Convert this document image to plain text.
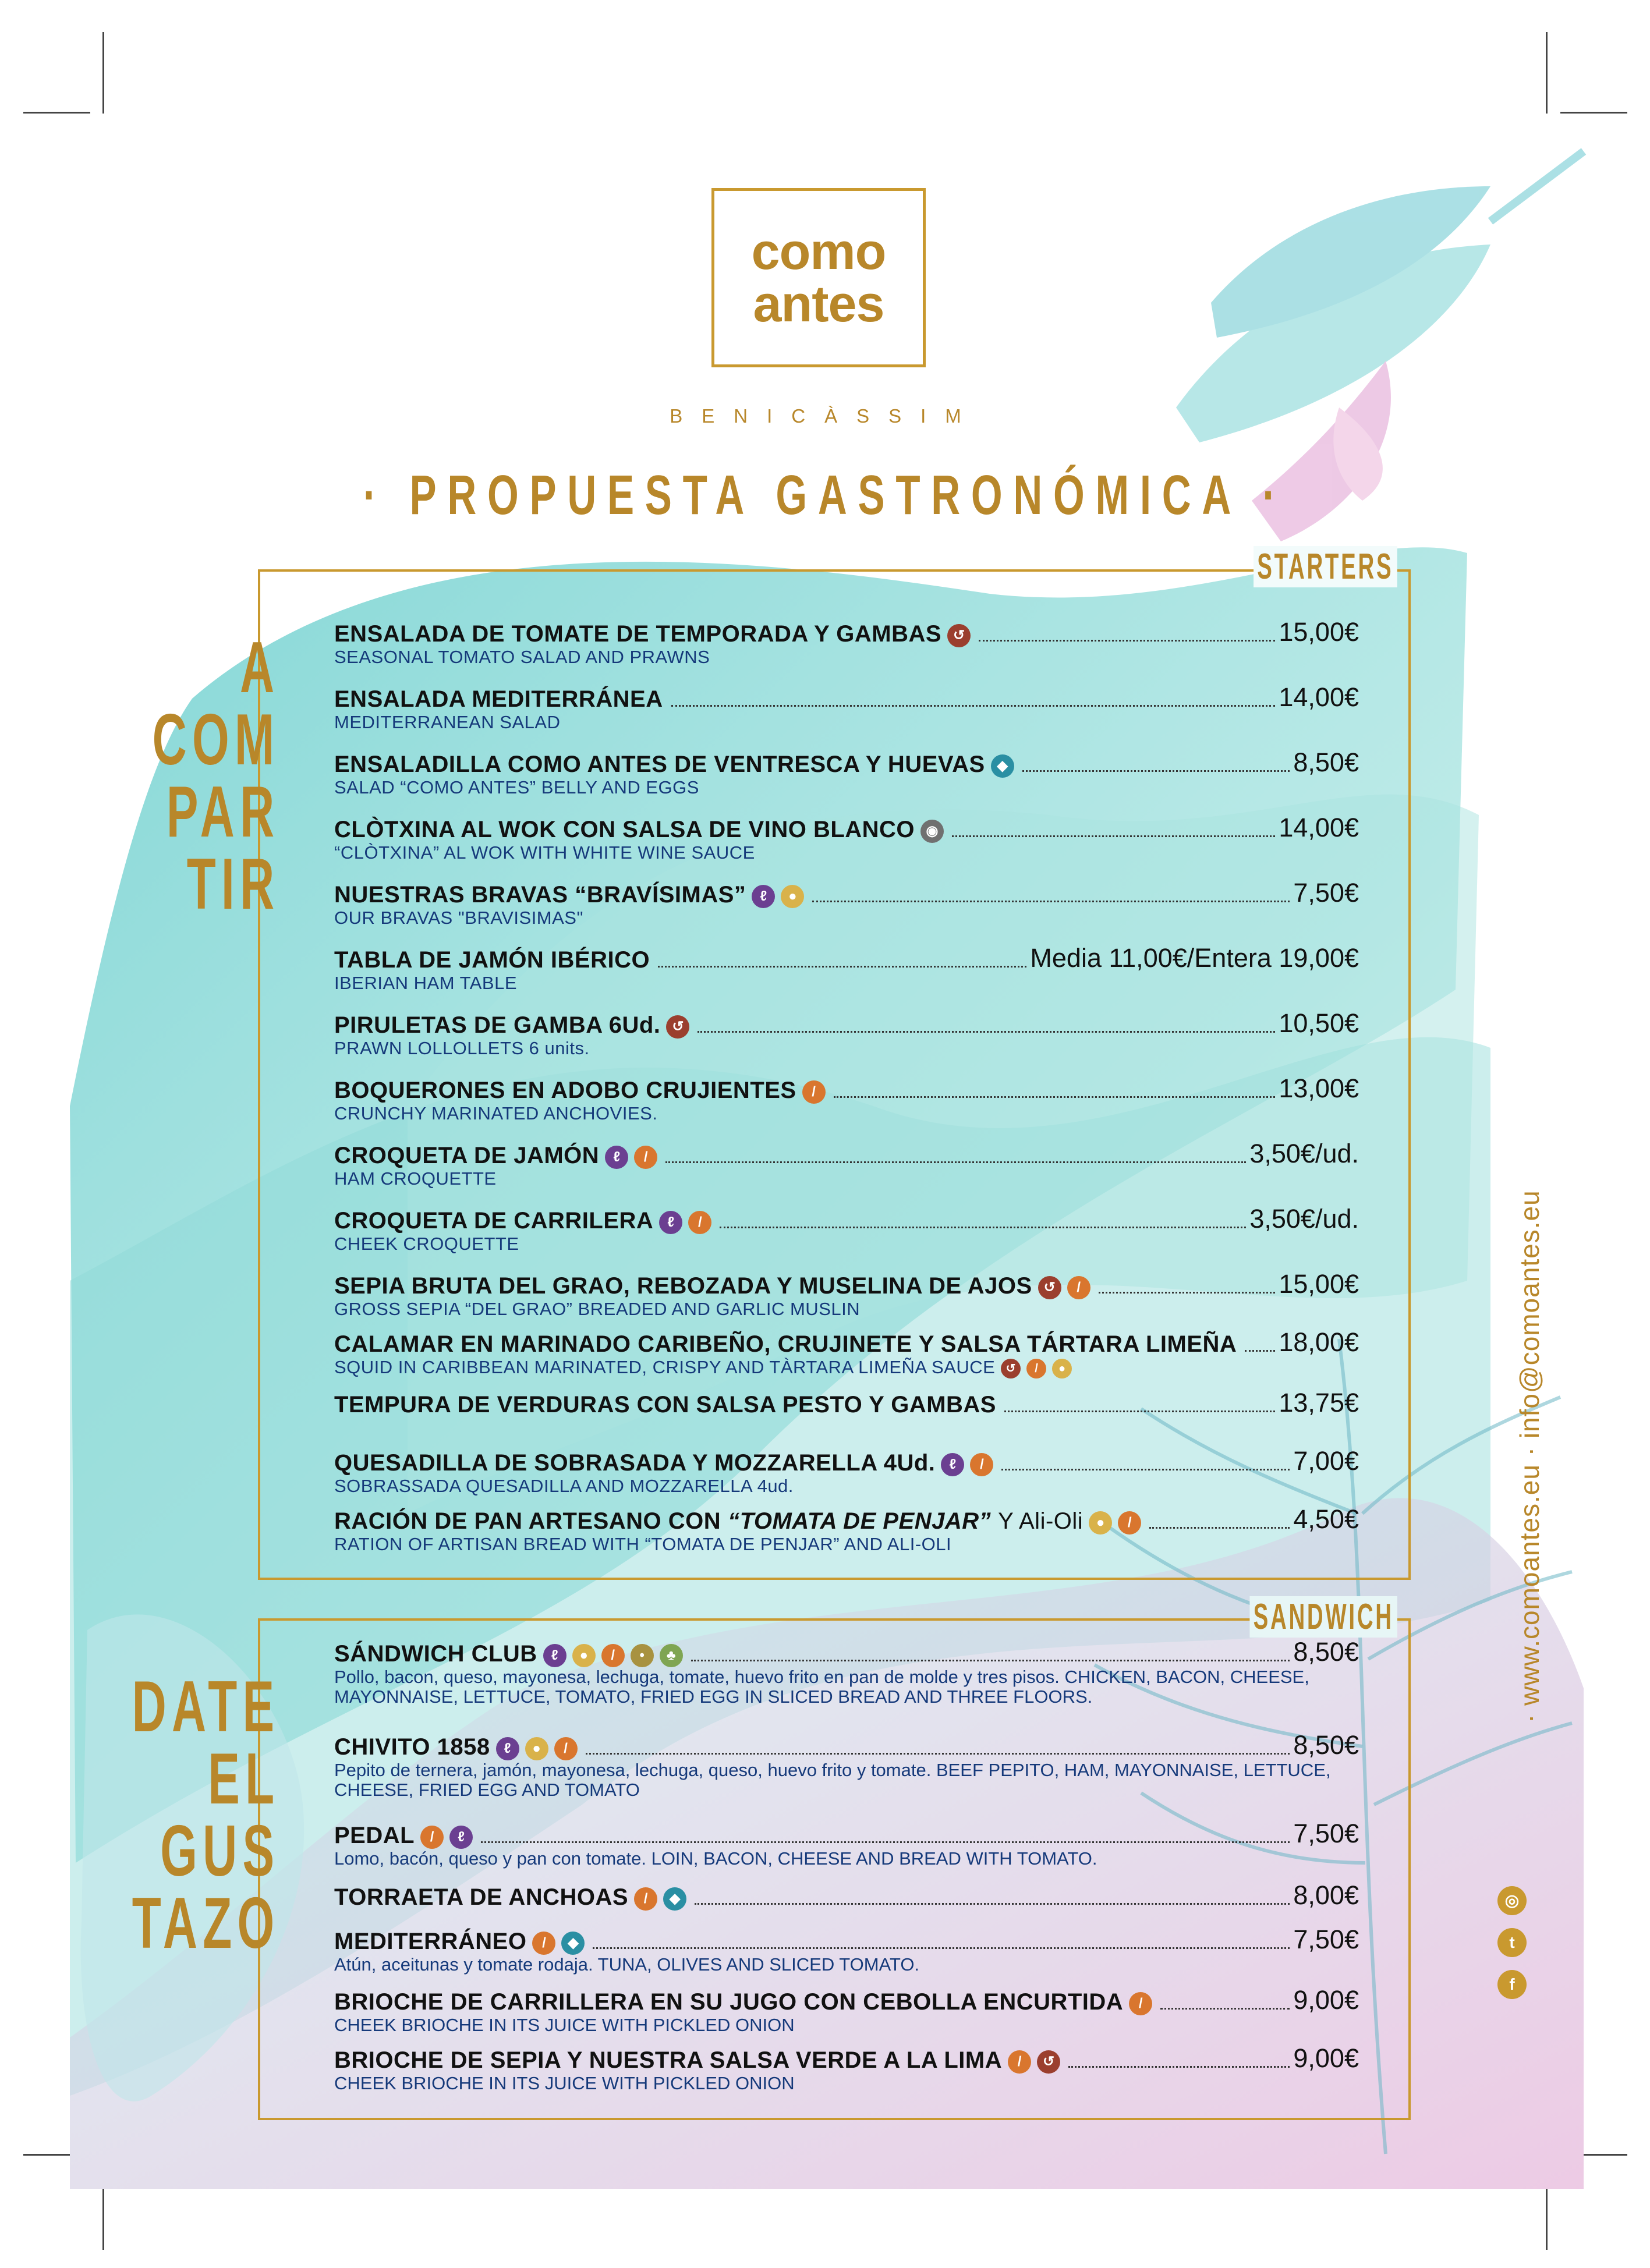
como
antes
BENICÀSSIM
· PROPUESTA GASTRONÓMICA ·
STARTERS
A
COM
PAR
TIR
ENSALADA DE TOMATE DE TEMPORADA Y GAMBAS ↺	15,00€
SEASONAL TOMATO SALAD AND PRAWNS
ENSALADA MEDITERRÁNEA	14,00€
MEDITERRANEAN SALAD
ENSALADILLA COMO ANTES DE VENTRESCA Y HUEVAS ◆	8,50€
SALAD “COMO ANTES” BELLY AND EGGS
CLÒTXINA AL WOK CON SALSA DE VINO BLANCO ◉	14,00€
“CLÒTXINA” AL WOK WITH WHITE WINE SAUCE
NUESTRAS BRAVAS “BRAVÍSIMAS”	ℓ	●	7,50€
OUR BRAVAS "BRAVISIMAS"
TABLA DE JAMÓN IBÉRICO	Media 11,00€/Entera 19,00€
IBERIAN HAM TABLE
PIRULETAS DE GAMBA 6Ud. ↺	10,50€
PRAWN LOLLOLLETS 6 units.
BOQUERONES EN ADOBO CRUJIENTES	/	13,00€
CRUNCHY MARINATED ANCHOVIES.
CROQUETA DE JAMÓN	ℓ	/	3,50€/ud.
HAM CROQUETTE
CROQUETA DE CARRILERA	ℓ	/	3,50€/ud.
CHEEK CROQUETTE
SEPIA BRUTA DEL GRAO, REBOZADA Y MUSELINA DE AJOS ↺	/	15,00€
GROSS SEPIA “DEL GRAO” BREADED AND GARLIC MUSLIN
CALAMAR EN MARINADO CARIBEÑO, CRUJINETE Y SALSA TÁRTARA LIMEÑA 18,00€
SQUID IN CARIBBEAN MARINATED, CRISPY AND TÀRTARA LIMEÑA SAUCE ↺ / ●
TEMPURA DE VERDURAS CON SALSA PESTO Y GAMBAS	13,75€
QUESADILLA DE SOBRASADA Y MOZZARELLA 4Ud.	ℓ	/	7,00€
SOBRASSADA QUESADILLA AND MOZZARELLA 4ud.
RACIÓN DE PAN ARTESANO CON “TOMATA DE PENJAR” Y Ali-Oli ●	/	4,50€
RATION OF ARTISAN BREAD WITH “TOMATA DE PENJAR” AND ALI-OLI
SANDWICH
DATE
EL
GUS
TAZO
SÁNDWICH CLUB	ℓ	●	/	•	♣	8,50€
Pollo, bacon, queso, mayonesa, lechuga, tomate, huevo frito en pan de molde y tres pisos. CHICKEN, BACON, CHEESE, MAYONNAISE, LETTUCE, TOMATO, FRIED EGG IN SLICED BREAD AND THREE FLOORS.
CHIVITO 1858	ℓ	●	/	8,50€
Pepito de ternera, jamón, mayonesa, lechuga, queso, huevo frito y tomate. BEEF PEPITO, HAM, MAYONNAISE, LETTUCE, CHEESE, FRIED EGG AND TOMATO
PEDAL	/	ℓ	7,50€
Lomo, bacón, queso y pan con tomate. LOIN, BACON, CHEESE AND BREAD WITH TOMATO.
TORRAETA DE ANCHOAS	/	◆	8,00€
MEDITERRÁNEO	/	◆	7,50€
Atún, aceitunas y tomate rodaja. TUNA, OLIVES AND SLICED TOMATO.
BRIOCHE DE CARRILLERA EN SU JUGO CON CEBOLLA ENCURTIDA	/	9,00€
CHEEK BRIOCHE IN ITS JUICE WITH PICKLED ONION
BRIOCHE DE SEPIA Y NUESTRA SALSA VERDE A LA LIMA	/	↺	9,00€
CHEEK BRIOCHE IN ITS JUICE WITH PICKLED ONION
· www.comoantes.eu · info@comoantes.eu
◎
t
f
